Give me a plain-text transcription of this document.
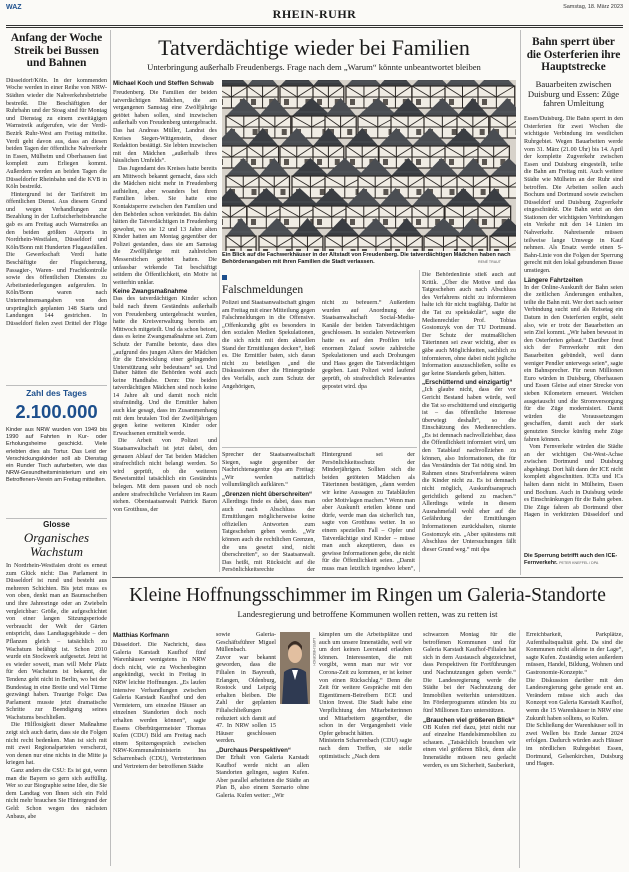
WAZ	RHEIN-RUHR	Samstag, 18. März 2023
Anfang der Woche Streik bei Bussen und Bahnen

Düsseldorf/Köln. In der kommenden Woche werden in einer Reihe von NRW-Städten wieder die Nahverkehrsbetriebe bestreikt. Die Beschäftigten der Ruhrbahn und der Stoag sind für Montag und Dienstag zu einem zweitägigen Warnstreik aufgerufen, wie der Verdi-Bezirk Ruhr-West am Freitag mitteilte. Verdi geht davon aus, dass an diesen beiden Tagen der öffentliche Nahverkehr in Essen, Mülheim und Oberhausen fast komplett zum Erliegen kommt. Außerdem werden an beiden Tagen die Düsseldorfer Rheinbahn und die KVB in Köln bestreikt.

Hintergrund ist der Tarifstreit im öffentlichen Dienst. Aus diesem Grund und wegen Verhandlungen zur Bezahlung in der Luftsicherheitsbranche gab es am Freitag auch Warnstreiks an den beiden größten Airports in Nordrhein-Westfalen, Düsseldorf und Köln/Bonn mit Hunderten Flugausfällen. Die Gewerkschaft Verdi hatte Beschäftigte der Flugsicherung, Passagier-, Waren- und Frachtkontrolle sowie des öffentlichen Dienstes zu Arbeitsniederlegungen aufgerufen. In Köln/Bonn waren nach Unternehmensangaben von den ursprünglich geplanten 148 Starts und Landungen 144 gestrichen. In Düsseldorf fielen zwei Drittel der Flüge

Zahl des Tages
2.100.000
Kinder aus NRW wurden von 1949 bis 1990 auf Fahrten in Kur- oder Erholungsheime geschickt. Viele erlebten dies als Tortur. Das Leid der Verschickungskinder soll ab Dienstag ein Runder Tisch aufarbeiten, wie das NRW-Gesundheitsministerium und ein Betroffenen-Verein am Freitag mitteilten.
Glosse
Organisches Wachstum

In Nordrhein-Westfalen droht es erneut zum Glück nicht: Das Parlament in Düsseldorf ist rund und besteht aus mehreren Schichten. Bis jetzt muss es von oben, denkt man an Baumscheiben und ihre Jahresringe oder an Zwiebeln vergleichbar: Größe, die aufgeschichtet von einer langen Sitzungsperiode verbraucht der Welt der Gärten entspricht, dass Landtagsgebäude – den Pflanzen gleich – tatsächlich zu Wachstum befähigt ist. Schon 2010 wurde ein Stockwerk aufgesetzt. Jetzt ist es wieder soweit, man will Mehr Platz für den Wachstum ist bekannt, die Tendenz geht nicht in Berlin, wo bei der Bundestag in eine Breite und viel Türme gezwängt haben. Traurige Folge: Das Parlament musste jetzt dramatische Schritte zur Beendigung seines Wachstums beschließen.

Die Hilflosigkeit dieser Maßnahme zeigt sich auch darin, dass sie die Folgen nicht recht bedenken. Man ist sich mit mit zwei Regionalparteien verscherzt, von denen nur eine nichts in die Mitte ja kriegen hat.

Ganz anders die CSU: Es ist gut, wenn man die Bayern so gern sich auffüllig. Wer so zur Biographie seine Idee, die Sie dem Landtag von Ihnen sich ein Feld nicht mehr brauchen Sie Hintergrund der Geld: Schon wegen des nächsten Anbaus, abe

Tatverdächtige wieder bei Familien
Unterbringung außerhalb Freudenbergs. Frage nach dem „Warum“ könnte unbeantwortet bleiben
Michael Koch und Steffen Schwab

Freudenberg. Die Familien der beiden tatverdächtigen Mädchen, die am vergangenen Samstag eine Zwölfjährige getötet haben sollen, sind inzwischen außerhalb von Freudenberg untergebracht. Das hat Andreas Müller, Landrat des Kreises Siegen-Wittgenstein, dieser Redaktion bestätigt. Sie lebten inzwischen mit den Mädchen „außerhalb ihres häuslichen Umfelds“.

Das Jugendamt des Kreises hatte bereits am Mittwoch bekannt gemacht, dass sich die Mädchen nicht mehr in Freudenberg aufhielten, aber woanders bei ihren Familien leben. Sie hatte eine Kontaktsperre zwischen den Familien und den Behörden schon verkündet. Bis dahin hätten die Tatverdächtigen in Freudenberg gewohnt, wo sie 12 und 13 Jahre alten Kinder hatten am Montag gegenüber der Polizei gestanden, dass sie am Samstag die Zwölfjährige mit zahlreichen Messerstichen getötet hatten. Die unfassbar wirkende Tat beschäftigt seitdem die Öffentlichkeit, ein Motiv ist weiterhin unklar.

Keine Zwangsmaßnahme

Das des tatverdächtigen Kinder schon bald nach ihrem Geständnis außerhalb von Freudenberg untergebracht wurden, hatte die Kreisverwaltung bereits am Mittwoch mitgeteilt. Und da schon betont, dass es keine Zwangsmaßnahme sei. Zum Schutz der Familie betonte, dass dies „aufgrund des jungen Alters der Mädchen für die Entwicklung einer gelingenden Unterstützung sehr bedeutsam“ sei. Und

Ein Blick auf die Fachwerkhäuser in der Altstadt von Freudenberg. Die tatverdächtigen Mädchen haben nach Behördenangaben mit ihren Familien die Stadt verlassen.	RENÉ TRAUT

Daher hätten die Behörden wohl auch keine Handhabe. Denn: Die beiden tatverdächtigen Mädchen sind noch keine 14 Jahre alt und damit noch nicht strafmündig. Und die Ermittler haben auch klar gesagt, dass im Zusammenhang mit dem brutalen Tod der Zwölfjährigen gegen keine weiteren Kinder oder Erwachsenen ermittelt werde.

Die Arbeit von Polizei und Staatsanwaltschaft ist jetzt dabei, den genauen Ablauf der Tat beiden Mädchen strafrechtlich nicht belangt werden. So wird geprüft, ob die weiteren Beweismittel tatsächlich ein Geständnis belegen. Mit dem passen und ob noch andere strafrechtliche Verfahren im Raum stehen. Oberstaatsanwalt Patrick Baron von Grotthuss, der

Falschmeldungen
Polizei und Staatsanwaltschaft gingen am Freitag mit einer Mitteilung gegen Falschmeldungen in die Offensive. „Offenkundig gibt es besonders in den sozialen Medien Spekulationen, die sich nicht mit dem aktuellen Stand der Ermittlungen decken“, hieß es. Die Ermittler baten, sich daran nicht zu beteiligen „und die Diskussionen über die Hintergründe des Vorfalls, auch zum Schutz der Angehörigen,
nicht zu befeuern.“ Außerdem wurden auf Anordnung der Staatsanwaltschaft Social-Media-Kanäle der beiden Tatverdächtigen geschlossen. In sozialen Netzwerken hatte es auf den Profilen teils enormen Zulauf sowie zahlreiche Spekulationen und auch Drohungen und Hass gegen die Tatverdächtigen gegeben. Laut Polizei wird laufend geprüft, ob strafrechtlich Relevantes gepostet wird. dpa

Sprecher der Staatsanwaltschaft Siegen, sagte gegenüber der Nachrichtenagentur dpa am Freitag: „Wir werden natürlich vollumfänglich aufklären.“

„Grenzen nicht überschreiten“

Allerdings finde es dabei, dass man auch nach Abschluss der Ermittlungen möglicherweise keine offiziellen Antworten zum Tatgeschehen geben werde. „Wir können auch die rechtlichen Grenzen, die uns gesetzt sind, nicht überschreiten“, so der Staatsanwalt. Das heißt, mit Rücksicht auf die Persönlichkeitsrechte der

Hintergrund sei der Persönlichkeitsschutz der Minderjährigen. Sollten sich die beiden getöteten Mädchen als Täterinnen bestätigen, „dann werden wir keine Aussagen zu Tatabläufen oder Motivlagen machen.“ Wenn man aber Auskunft erteilen könne und dürfe, werde man das sicherlich tun, sagte von Grotthuss weiter. In so einem speziellen Fall – Opfer und Tatverdächtige sind Kinder – müsse man auch akzeptieren, dass es gewisse Informationen gebe, die nicht für die Öffentlichkeit seien. „Damit muss man letztlich irgendwo leben“,

Die Behördenlinie stieß auch auf Kritik. „Über die Motive und das Tatgeschehen auch nach Abschluss des Verfahrens nicht zu informieren halte ich für nicht tragfähig. Dafür ist die Tat zu spektakulär“, sagte die Medienrechtler Prof. Tobias Gostomzyk von der TU Dortmund. Der Schutz der mutmaßlichen Täterinnen sei zwar wichtig, aber es gäbe auch Möglichkeiten, sachlich zu informieren, ohne dabei nicht jegliche Information auszuschließen, sollte es gar keine Standards geben, hätten.

„Erschütternd und einzigartig“

„Ich glaube nicht, dass der vor Gericht Bestand haben würde, weil die Tat so erschütternd und einzigartig ist – das öffentliche Interesse überwiegt deshalb“, so die Einschätzung des Medienrechtlers. „Es ist demnach nachvollziehbar, dass die Öffentlichkeit informiert wird, um den Tatablauf nachvollziehen zu können, also Informationen, die für das Verständnis der Tat nötig sind. Im Rahmen eines Strafverfahrens wären die Kinder nicht zu. Es ist demnach nicht möglich, Auskunftsanspruch gerichtlich geltend zu machen.“ Allerdings würde in diesem Ausnahmefall wohl eher auf die Gefährdung der Ermittlungen Informationen zurückhalten, räumte Gostomzyk ein. „Aber spätestens mit Abschluss der Untersuchungen fällt dieser Grund weg.“ mit dpa

Bahn sperrt über die Osterferien ihre Hauptstrecke
Bauarbeiten zwischen Duisburg und Essen: Züge fahren Umleitung

Essen/Duisburg. Die Bahn sperrt in den Osterferien für zwei Wochen die wichtigste Verbindung im westlichen Ruhrgebiet. Wegen Bauarbeiten werde vom 31. März (21.00 Uhr) bis 14. April der komplette Zugverkehr zwischen Essen und Duisburg eingestellt, teilte die Bahn am Freitag mit. Auch weitere Städte wie Mülheim an der Ruhr sind betroffen. Die Arbeiten sollen auch Bochum und Dortmund sowie zwischen Düsseldorf und Duisburg Zugverkehr eingeschränkt. Die Bahn setzt an den Stationen der wichtigsten Verbindungen ein Verkehr mit den 14 Linien im Nahverkehr. Nahreisende müssen teilweise lange Umwege in Kauf nehmen. Als Ersatz werde einen S-Bahn-Linie von die Folgen der Sperrung gerecht mit den lokal gebundenen Busse umstiegen.

Längere Fahrtzeiten

In der Online-Auskunft der Bahn seien die zeitlichen Änderungen enthalten, teilte die Bahn mit. Wer dort nach seiner Verbindung sucht und als Reisetag ein Datum in den Osterferien ergibt, sieht also, wie er trotz der Bauarbeiten an sein Ziel kommt. „Wir haben bewusst in den Osterferien gebaut.“ Darüber freut sich der Fernverkehr mit den Bauarbeiten gebündelt, weil dann weniger Pendler unterwegs seien“, sagte ein Bahnsprecher. Für neun Millionen Euro würden in Duisburg, Oberhausen und Essen Gleise auf einer Strecke von sieben Kilometern erneuert. Weichen ausgetauscht und die Stromversorgung für die Züge modernisiert. Damit würden die Voraussetzungen geschaffen, damit auch der stark genutzten Strecke künftig mehr Züge fahren können.

Vom Fernverkehr würden die Städte an der wichtigen Ost-West-Achse zwischen Dortmund und Duisburg abgehängt. Dort hält dann der ICE nicht komplett abgeschnitten. ICEs und ICs halten dann nicht in Mülheim, Essen und Bochum. Auch in Duisburg würde es Einschränkungen für die Bahn geben. Die Züge fahren ab Dortmund über Hagen in verkürzten Düsseldorf und

Die Sperrung betrifft auch den ICE-Fernverkehr. PETER KNEFFEL / DPA
Kleine Hoffnungsschimmer im Ringen um Galeria-Standorte
Landesregierung und betroffene Kommunen wollen retten, was zu retten ist
Matthias Korfmann
Düsseldorf. Die Nachricht, dass Galeria Karstadt Kaufhof fünf Warenhäuser wenigstens in NRW doch nicht, wie zu Wochenbeginn angekündigt, weckt in Freitag in NRW leichte Hoffnungen. „Es laufen intensive Verhandlungen zwischen Galeria Karstadt Kaufhof und den Vermietern, um einzelne Häuser an einzelnen Standorten doch noch erhalten werden können“, sagte Essens Oberbürgermeister Thomas Kufen (CDU) Bild am Freitag nach einem Spitzengespräch zwischen NRW-Kommunalministerin Ina Scharrenbach (CDU), Vertreterinnen und Vertretern der betroffenen Städte

sowie Galeria-Geschäftsführer Miguel Müllenbach.
Zuvor war bekannt geworden, dass die Filialen in Bayreuth, Erlangen, Oldenburg, Rostock und Leipzig erhalten bleiben. Die Zahl der geplanten Filialschließungen reduziert sich damit auf 47. In NRW sollen 15 Häuser geschlossen werden.

„Durchaus Perspektiven“

Der Erhalt von Galeria Karstadt Kaufhof werde nicht an allen Standorten gelingen, sagten Kufen. Aber parallel arbeiteten die Städte an Plan B, also einem Szenario ohne Galeria. Kufen weiter: „Wir

LARS HEIDRICH
kämpfen um die Arbeitsplätze und auch um unsere Innenstädte, weil wir um dort keinen Leerstand erlauben können. Interessenten, die mit vorgibt, wenn man nur wir vor Corona-Zeit zu kommen, er ist keiner von einen Rückschlag.“ Denn die Zeit für weitere Gespräche mit den Eigentümern-Betreibern ECE und Union Invest. Die Stadt habe eine Verpflichtung den Mitarbeiterinnen und Mitarbeitern gegenüber, die schon in der Vergangenheit viele Opfer gebracht hätten.
Ministerin Scharrenbach (CDU) sagte nach dem Treffen, sie stelle optimistisch: „Nach dem

schwarzen Montag für die betroffenen Kommunen und für Galeria Karstadt Kaufhof-Filialen hat sich in dem Austausch abgezeichnet, dass Perspektiven für Fortführungen und Nachnutzungen geben werde.“ Die Landesregierung werde die Städte bei der Nachnutzung der Immobilien weiterhin unterstützen. Im Förderprogramm stünden bis zu fünf Millionen Euro unterstützen.

„Brauchen viel größeren Blick“

OB Kufen rief dazu, jetzt nicht nur auf einzelne Handelsimmobilien zu schauen. „Tatsächlich brauchen wir einen viel größeren Blick, denn alle Innenstädte müssen neu gedacht werden, es um Sicherheit, Sauberkeit,

Erreichbarkeit, Parkplätze, Aufenthaltsqualität geht. Da sind die Kommunen nicht alleine in der Lage“, sagte Kufen. Zuständig seien außerdem müssen, Handel, Bildung, Wohnen und Gastronomie-Konzepte.“
Die Diskussion darüber mit den Landesregierung gehe gerade erst an. Verändern müsse sich auch das Konzept von Galeria Karstadt Kaufhof, wenn die 15 Warenhäuser in NRW eine Zukunft haben solltens, so Kufen.
Die Schließung der Warenhäuser soll in zwei Wellen bis Ende Januar 2024 erfolgen. Dadurch würden auch Häuser im nördlichen Ruhrgebiet Essen, Dortmund, Gelsenkirchen, Duisburg und Hagen.
